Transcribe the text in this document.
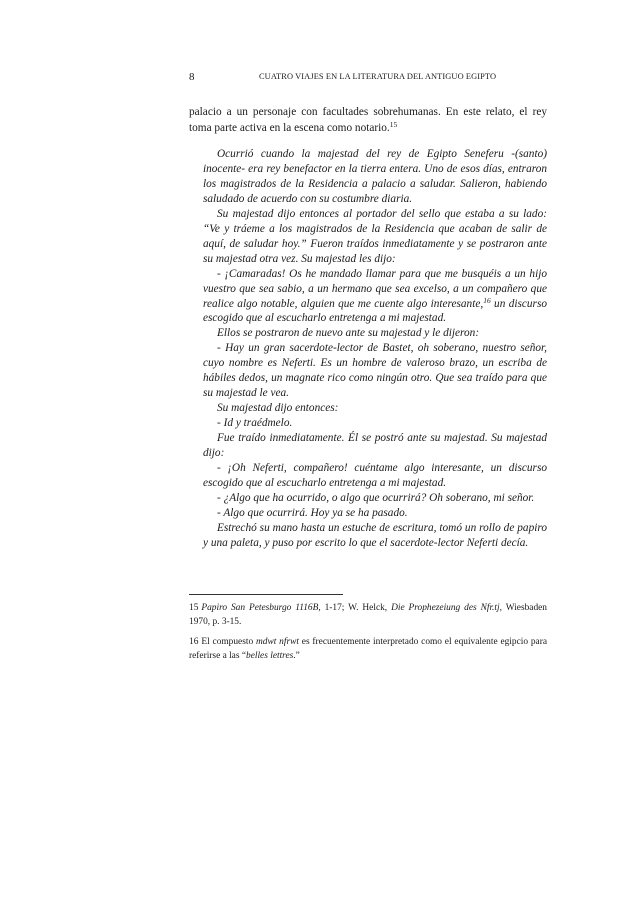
8	CUATRO VIAJES EN LA LITERATURA DEL ANTIGUO EGIPTO

palacio a un personaje con facultades sobrehumanas. En este relato, el rey toma parte activa en la escena como notario.$^{15}$

Ocurrió cuando la majestad del rey de Egipto Seneferu -(santo) inocente- era rey benefactor en la tierra entera. Uno de esos días, entraron los magistrados de la Residencia a palacio a saludar. Salieron, habiendo saludado de acuerdo con su costumbre diaria.

Su majestad dijo entonces al portador del sello que estaba a su lado: “Ve y tráeme a los magistrados de la Residencia que acaban de salir de aquí, de saludar hoy.” Fueron traídos inmediatamente y se postraron ante su majestad otra vez. Su majestad les dijo:

- ¡Camaradas! Os he mandado llamar para que me busquéis a un hijo vuestro que sea sabio, a un hermano que sea excelso, a un compañero que realice algo notable, alguien que me cuente algo interesante,$^{16}$ un discurso escogido que al escucharlo entretenga a mi majestad.

Ellos se postraron de nuevo ante su majestad y le dijeron:

- Hay un gran sacerdote-lector de Bastet, oh soberano, nuestro señor, cuyo nombre es Neferti. Es un hombre de valeroso brazo, un escriba de hábiles dedos, un magnate rico como ningún otro. Que sea traído para que su majestad le vea.

Su majestad dijo entonces:

- Id y traédmelo.

Fue traído inmediatamente. Él se postró ante su majestad. Su majestad dijo:

- ¡Oh Neferti, compañero! cuéntame algo interesante, un discurso escogido que al escucharlo entretenga a mi majestad.

- ¿Algo que ha ocurrido, o algo que ocurrirá? Oh soberano, mi señor.

- Algo que ocurrirá. Hoy ya se ha pasado.

Estrechó su mano hasta un estuche de escritura, tomó un rollo de papiro y una paleta, y puso por escrito lo que el sacerdote-lector Neferti decía.

15 Papiro San Petesburgo 1116B, 1-17; W. Helck, Die Prophezeiung des Nfr.tj, Wiesbaden 1970, p. 3-15.

16 El compuesto mdwt nfrwt es frecuentemente interpretado como el equivalente egipcio para referirse a las “belles lettres.”
